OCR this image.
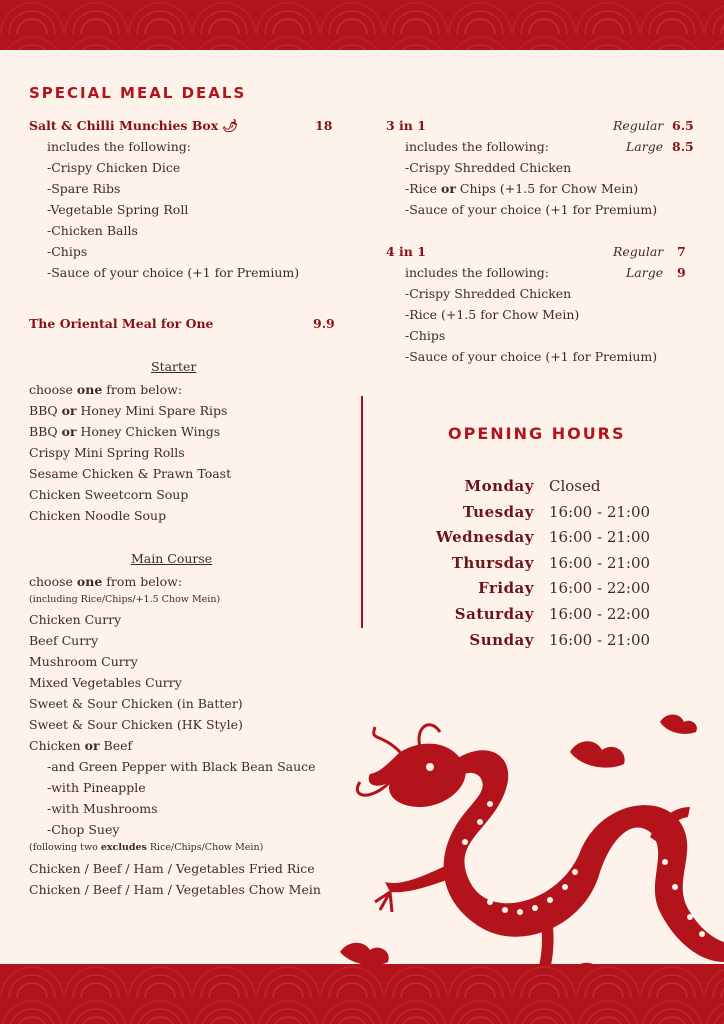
SPECIAL MEAL DEALS
Salt & Chilli Munchies Box 🌶	18
includes the following:
-Crispy Chicken Dice
-Spare Ribs
-Vegetable Spring Roll
-Chicken Balls
-Chips
-Sauce of your choice (+1 for Premium)
The Oriental Meal for One	9.9
3 in 1	Regular 6.5
includes the following:	Large 8.5
-Crispy Shredded Chicken
-Rice or Chips (+1.5 for Chow Mein)
-Sauce of your choice (+1 for Premium)
4 in 1	Regular 7
includes the following:	Large 9
-Crispy Shredded Chicken
-Rice (+1.5 for Chow Mein)
-Chips
-Sauce of your choice (+1 for Premium)
Starter
choose one from below:
BBQ or Honey Mini Spare Rips
BBQ or Honey Chicken Wings
Crispy Mini Spring Rolls
Sesame Chicken & Prawn Toast
Chicken Sweetcorn Soup
Chicken Noodle Soup
Main Course
choose one from below:
(including Rice/Chips/+1.5 Chow Mein)
Chicken Curry
Beef Curry
Mushroom Curry
Mixed Vegetables Curry
Sweet & Sour Chicken (in Batter)
Sweet & Sour Chicken (HK Style)
Chicken or Beef
-and Green Pepper with Black Bean Sauce
-with Pineapple
-with Mushrooms
-Chop Suey
(following two excludes Rice/Chips/Chow Mein)
Chicken / Beef / Ham / Vegetables Fried Rice
Chicken / Beef / Ham / Vegetables Chow Mein
OPENING HOURS
Monday Closed
Tuesday 16:00 - 21:00
Wednesday 16:00 - 21:00
Thursday 16:00 - 21:00
Friday 16:00 - 22:00
Saturday 16:00 - 22:00
Sunday 16:00 - 21:00
